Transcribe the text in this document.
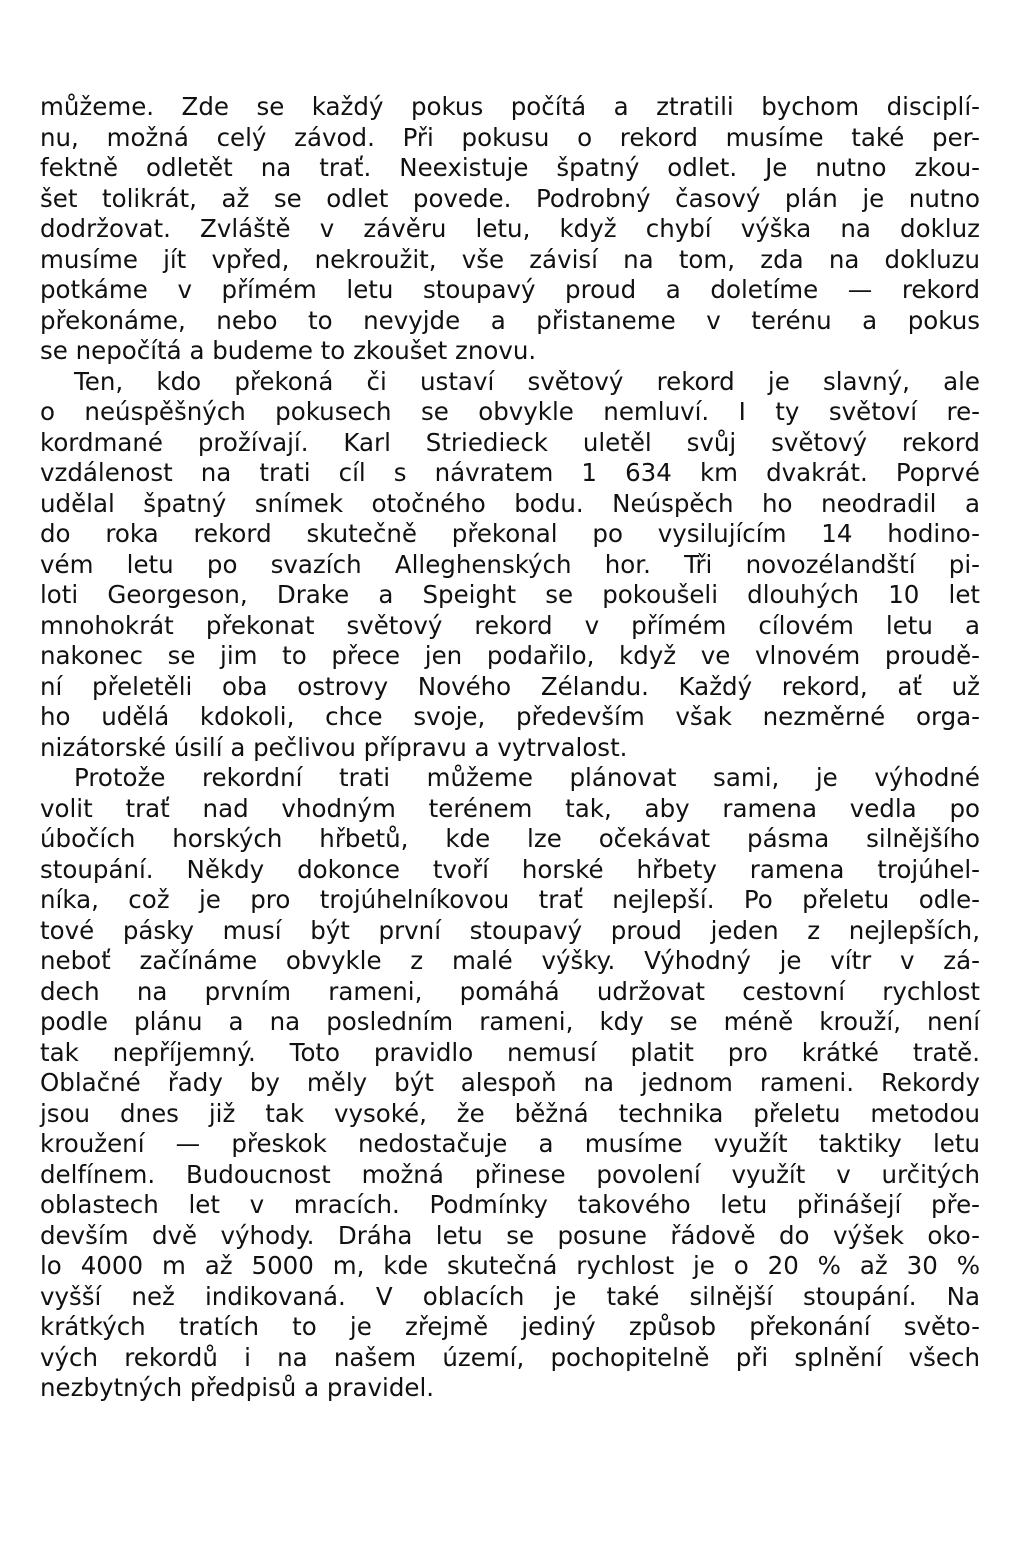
můžeme. Zde se každý pokus počítá a ztratili bychom disciplí-
nu, možná celý závod. Při pokusu o rekord musíme také per-
fektně odletět na trať. Neexistuje špatný odlet. Je nutno zkou-
šet tolikrát, až se odlet povede. Podrobný časový plán je nutno
dodržovat. Zvláště v závěru letu, když chybí výška na dokluz
musíme jít vpřed, nekroužit, vše závisí na tom, zda na dokluzu
potkáme v přímém letu stoupavý proud a doletíme — rekord
překonáme, nebo to nevyjde a přistaneme v terénu a pokus
se nepočítá a budeme to zkoušet znovu.
Ten, kdo překoná či ustaví světový rekord je slavný, ale
o neúspěšných pokusech se obvykle nemluví. I ty světoví re-
kordmané prožívají. Karl Striedieck uletěl svůj světový rekord
vzdálenost na trati cíl s návratem 1 634 km dvakrát. Poprvé
udělal špatný snímek otočného bodu. Neúspěch ho neodradil a
do roka rekord skutečně překonal po vysilujícím 14 hodino-
vém letu po svazích Alleghenských hor. Tři novozélandští pi-
loti Georgeson, Drake a Speight se pokoušeli dlouhých 10 let
mnohokrát překonat světový rekord v přímém cílovém letu a
nakonec se jim to přece jen podařilo, když ve vlnovém proudě-
ní přeletěli oba ostrovy Nového Zélandu. Každý rekord, ať už
ho udělá kdokoli, chce svoje, především však nezměrné orga-
nizátorské úsilí a pečlivou přípravu a vytrvalost.
Protože rekordní trati můžeme plánovat sami, je výhodné
volit trať nad vhodným terénem tak, aby ramena vedla po
úbočích horských hřbetů, kde lze očekávat pásma silnějšího
stoupání. Někdy dokonce tvoří horské hřbety ramena trojúhel-
níka, což je pro trojúhelníkovou trať nejlepší. Po přeletu odle-
tové pásky musí být první stoupavý proud jeden z nejlepších,
neboť začínáme obvykle z malé výšky. Výhodný je vítr v zá-
dech na prvním rameni, pomáhá udržovat cestovní rychlost
podle plánu a na posledním rameni, kdy se méně krouží, není
tak nepříjemný. Toto pravidlo nemusí platit pro krátké tratě.
Oblačné řady by měly být alespoň na jednom rameni. Rekordy
jsou dnes již tak vysoké, že běžná technika přeletu metodou
kroužení — přeskok nedostačuje a musíme využít taktiky letu
delfínem. Budoucnost možná přinese povolení využít v určitých
oblastech let v mracích. Podmínky takového letu přinášejí pře-
devším dvě výhody. Dráha letu se posune řádově do výšek oko-
lo 4000 m až 5000 m, kde skutečná rychlost je o 20 % až 30 %
vyšší než indikovaná. V oblacích je také silnější stoupání. Na
krátkých tratích to je zřejmě jediný způsob překonání světo-
vých rekordů i na našem území, pochopitelně při splnění všech
nezbytných předpisů a pravidel.
